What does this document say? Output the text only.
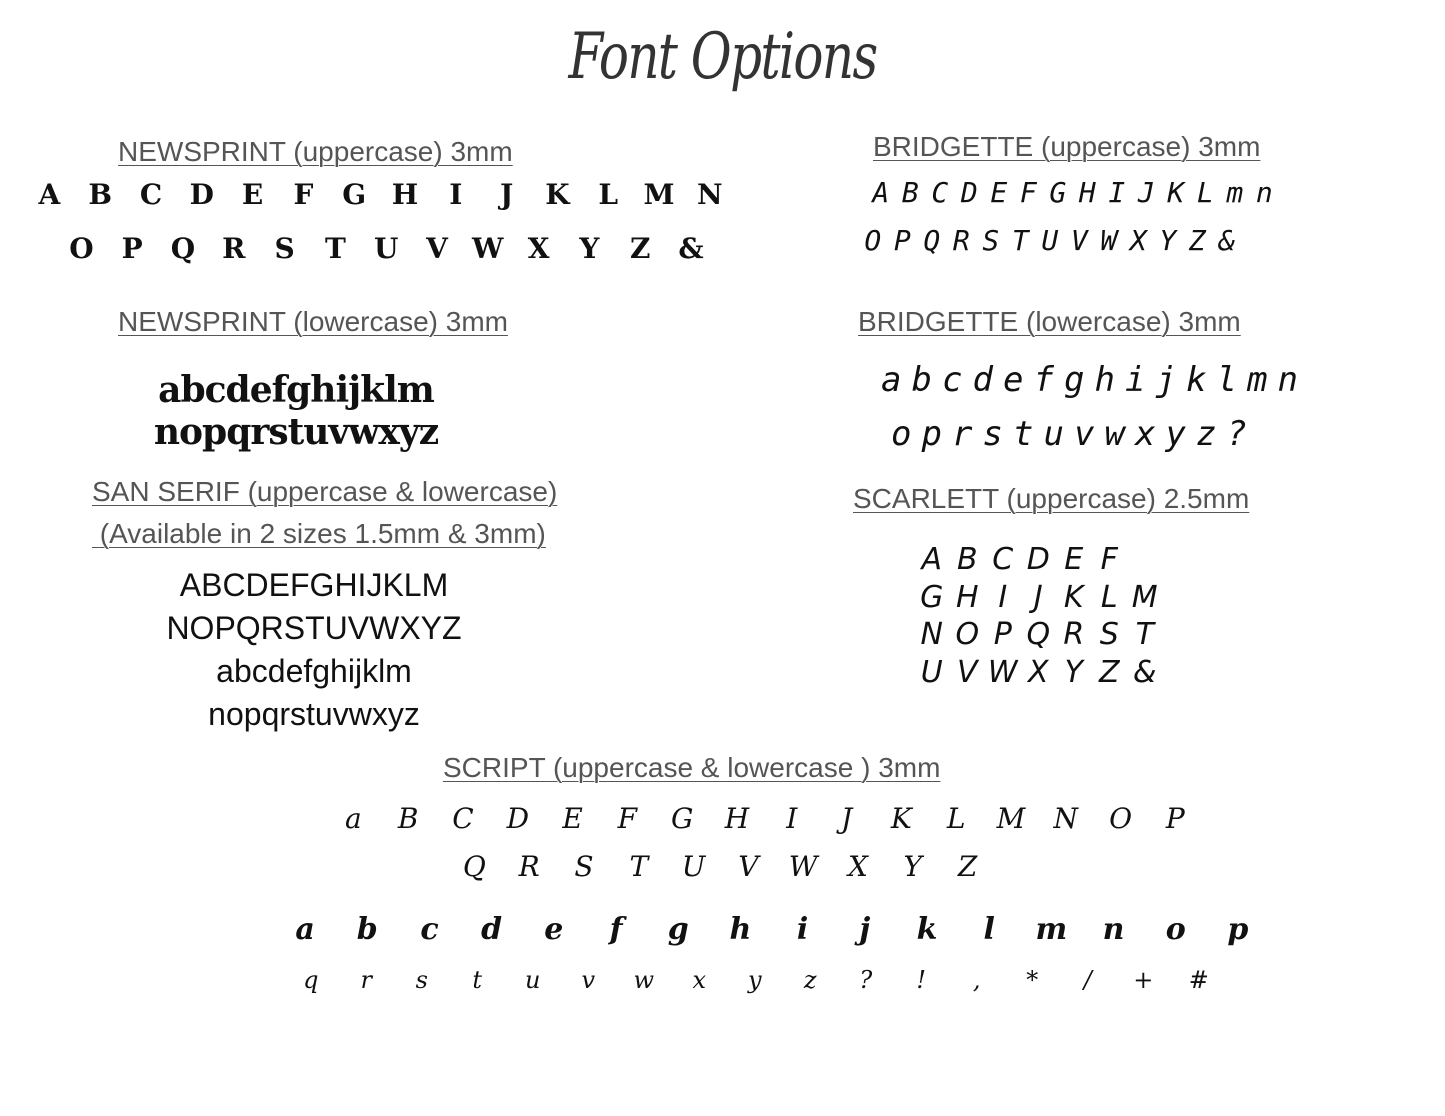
Font Options
NEWSPRINT (uppercase) 3mm
A	B C D E	F	G H	I	J	K	L M N
O	P	Q R	S	T	U V W X	Y	Z &
NEWSPRINT (lowercase) 3mm
abcdefghijklm
nopqrstuvwxyz
SAN SERIF (uppercase & lowercase)
(Available in 2 sizes 1.5mm & 3mm)
ABCDEFGHIJKLM
NOPQRSTUVWXYZ
abcdefghijklm
nopqrstuvwxyz
BRIDGETTE (uppercase) 3mm
A B C D E F G H I J K L m n
O P Q R S T U V W X Y Z &
BRIDGETTE (lowercase) 3mm
a b c d e f g h i j k l m n
o p r s t u v w x y z ?
SCARLETT (uppercase) 2.5mm
A B C D E F
G H I J K L M
N O P Q R S T
U V W X Y Z &
SCRIPT (uppercase & lowercase ) 3mm
a	B	C	D	E	F	G	H	I	J	K	L	M	N	O	P
Q	R	S	T	U	V	W	X	Y	Z
a	b	c	d	e	f	g	h	i	j	k	l	m	n	o	p
q	r	s	t	u	v	w	x	y	z	?	!	,	*	/	+	#
